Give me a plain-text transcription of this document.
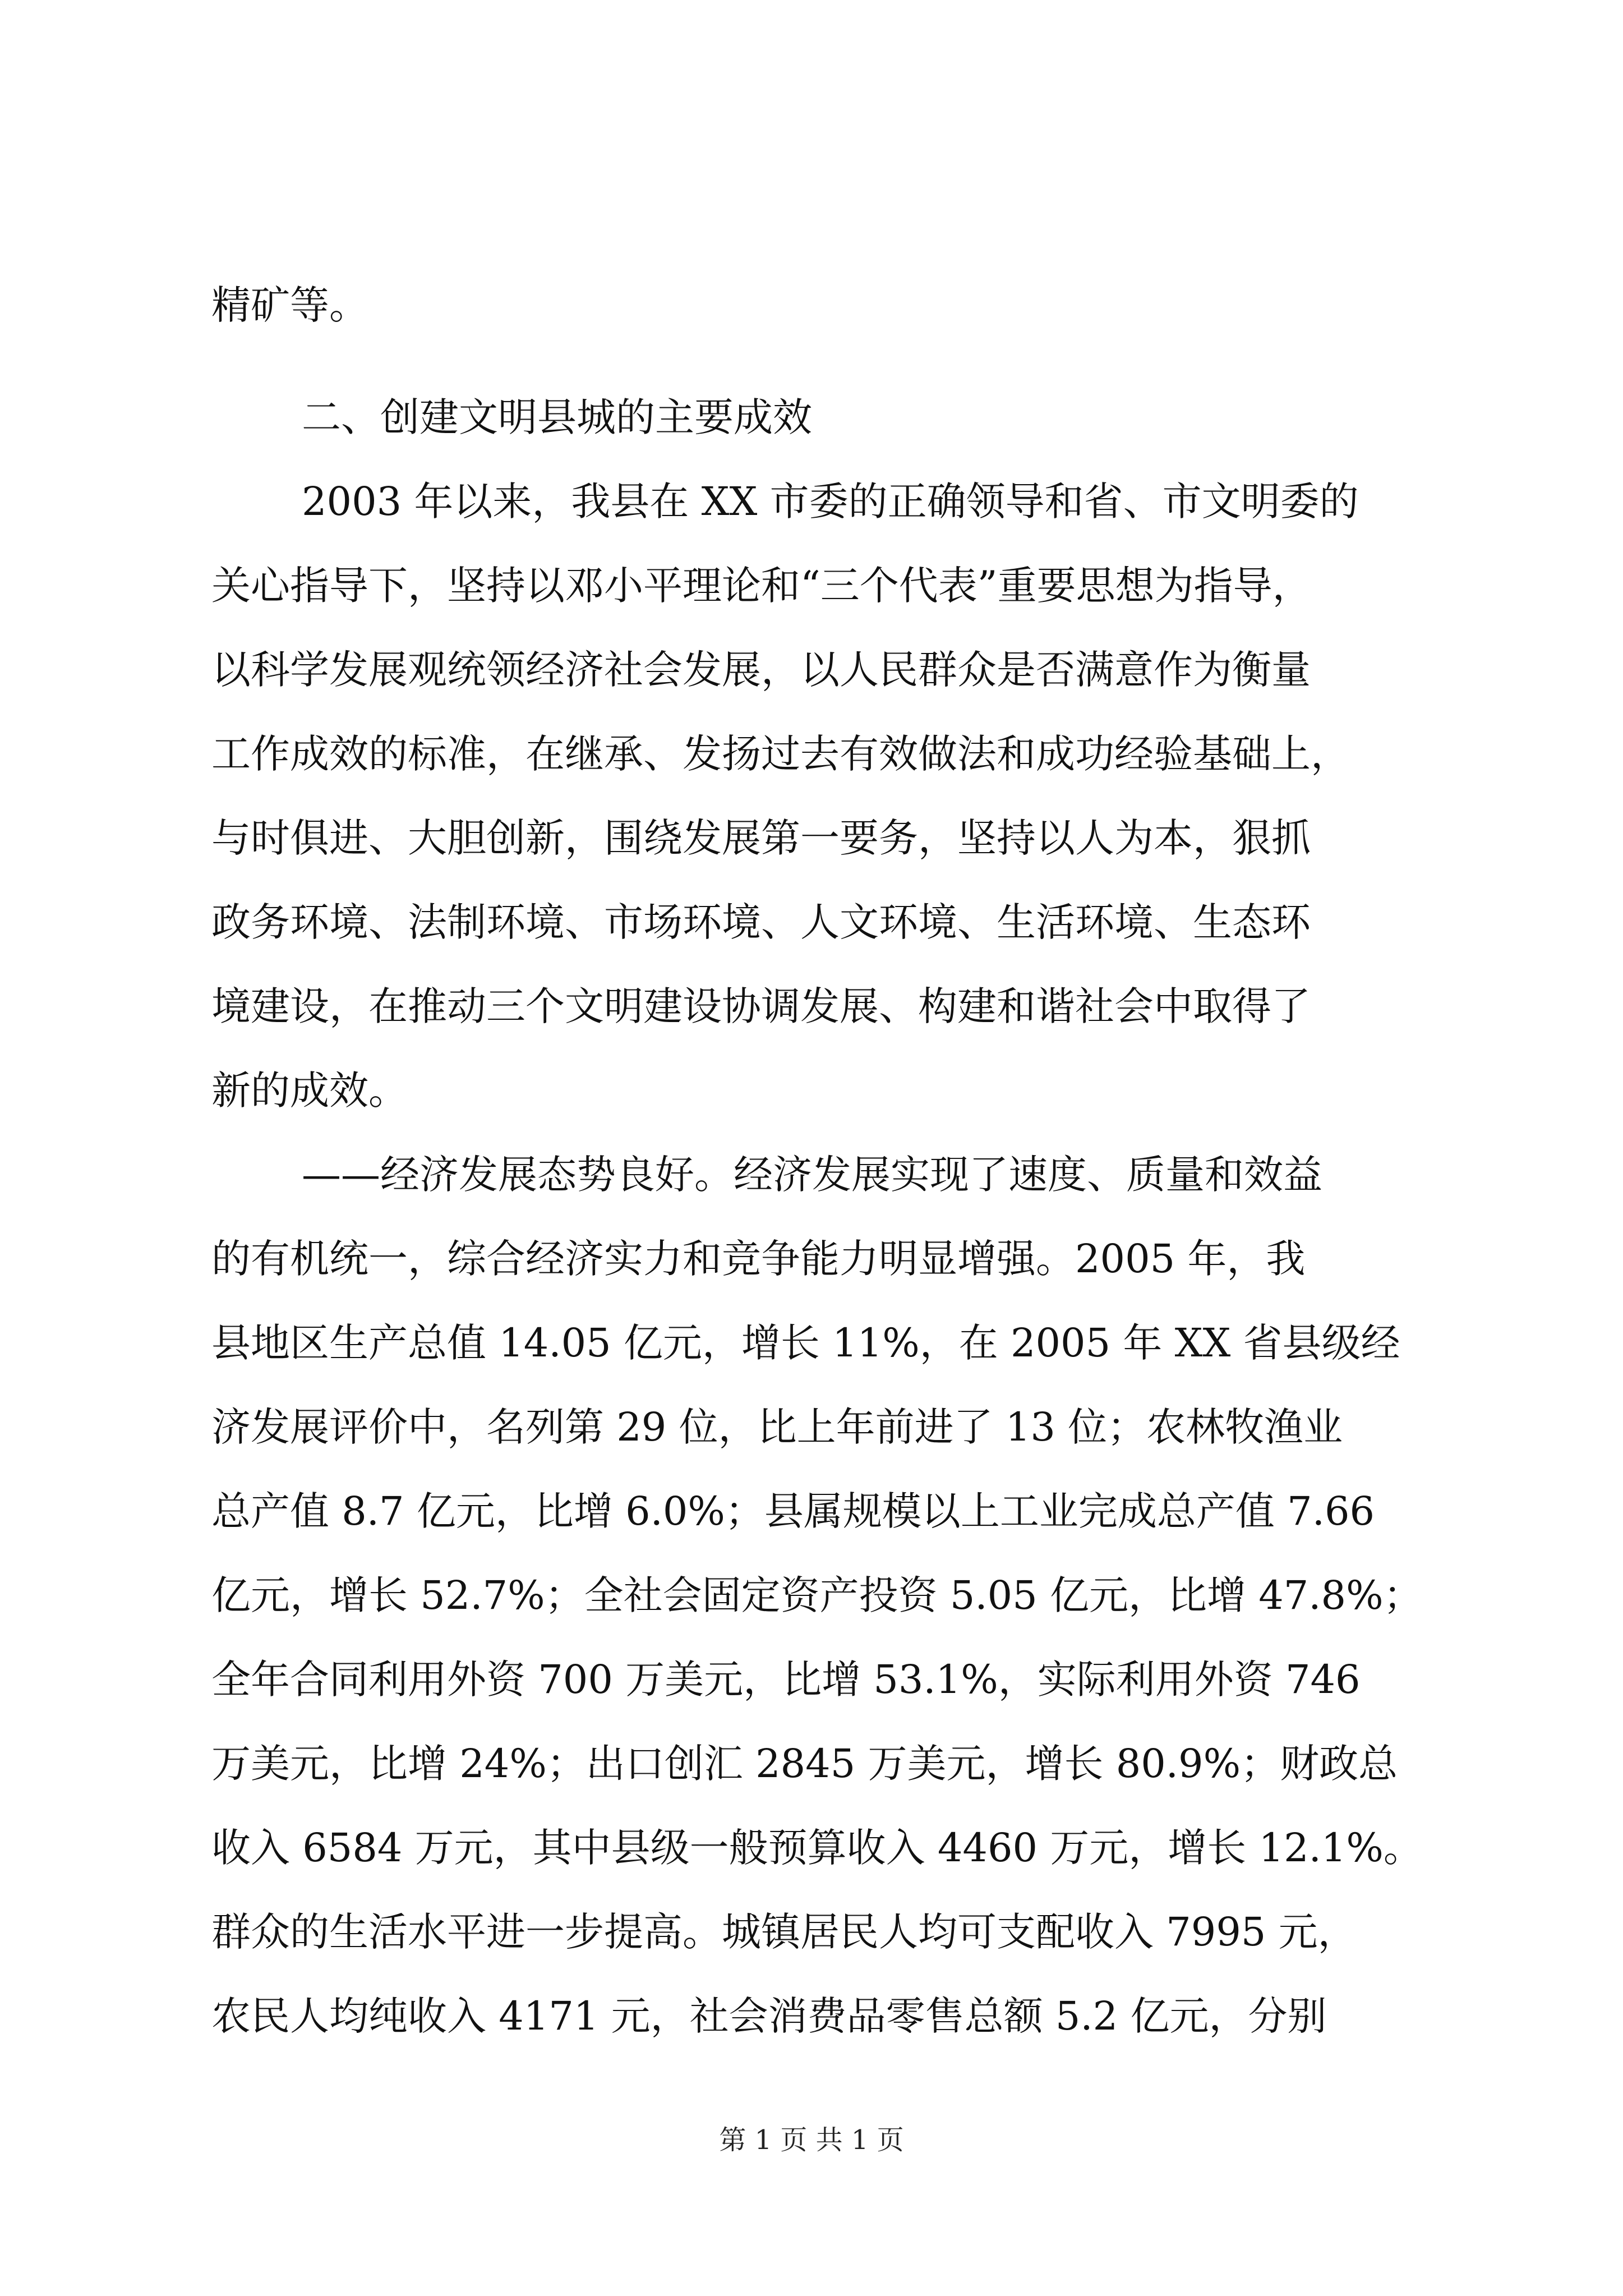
精矿等。
二、创建文明县城的主要成效
2003 年以来，我县在 XX 市委的正确领导和省、市文明委的
关心指导下，坚持以邓小平理论和“三个代表”重要思想为指导，
以科学发展观统领经济社会发展，以人民群众是否满意作为衡量
工作成效的标准，在继承、发扬过去有效做法和成功经验基础上，
与时俱进、大胆创新，围绕发展第一要务，坚持以人为本，狠抓
政务环境、法制环境、市场环境、人文环境、生活环境、生态环
境建设，在推动三个文明建设协调发展、构建和谐社会中取得了
新的成效。
——经济发展态势良好。经济发展实现了速度、质量和效益
的有机统一，综合经济实力和竞争能力明显增强。2005 年，我
县地区生产总值 14.05 亿元，增长 11%，在 2005 年 XX 省县级经
济发展评价中，名列第 29 位，比上年前进了 13 位；农林牧渔业
总产值 8.7 亿元，比增 6.0%；县属规模以上工业完成总产值 7.66
亿元，增长 52.7%；全社会固定资产投资 5.05 亿元，比增 47.8%；
全年合同利用外资 700 万美元，比增 53.1%，实际利用外资 746
万美元，比增 24%；出口创汇 2845 万美元，增长 80.9%；财政总
收入 6584 万元，其中县级一般预算收入 4460 万元，增长 12.1%。
群众的生活水平进一步提高。城镇居民人均可支配收入 7995 元，
农民人均纯收入 4171 元，社会消费品零售总额 5.2 亿元，分别
第 1 页 共 1 页
